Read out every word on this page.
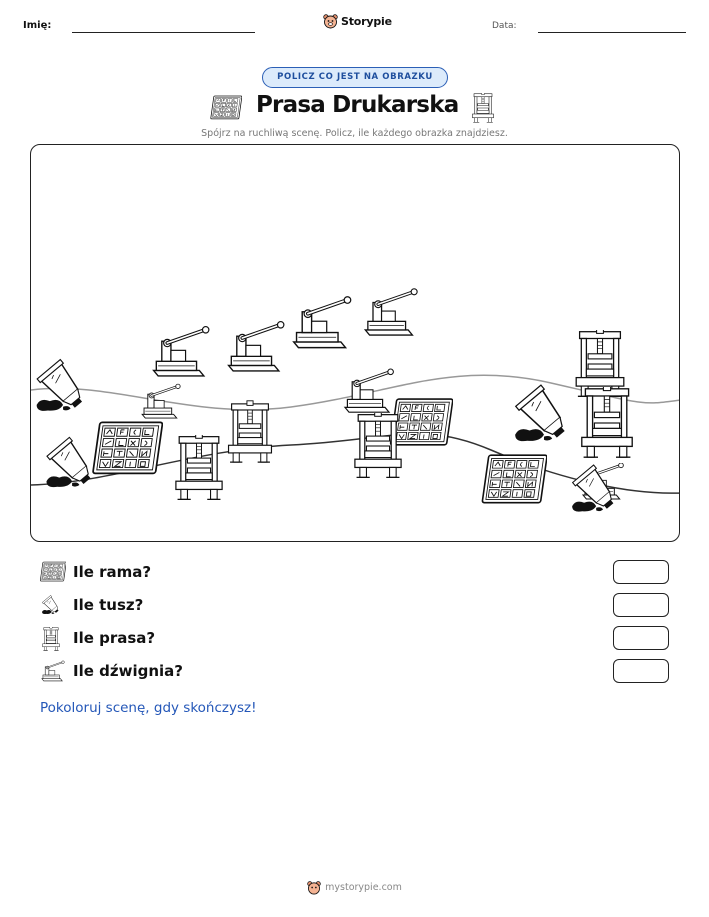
Imię:	Storypie	Data:
POLICZ CO JEST NA OBRAZKU
Prasa Drukarska
Spójrz na ruchliwą scenę. Policz, ile każdego obrazka znajdziesz.
Ile rama?
Ile tusz?
Ile prasa?
Ile dźwignia?
Pokoloruj scenę, gdy skończysz!
mystorypie.com
